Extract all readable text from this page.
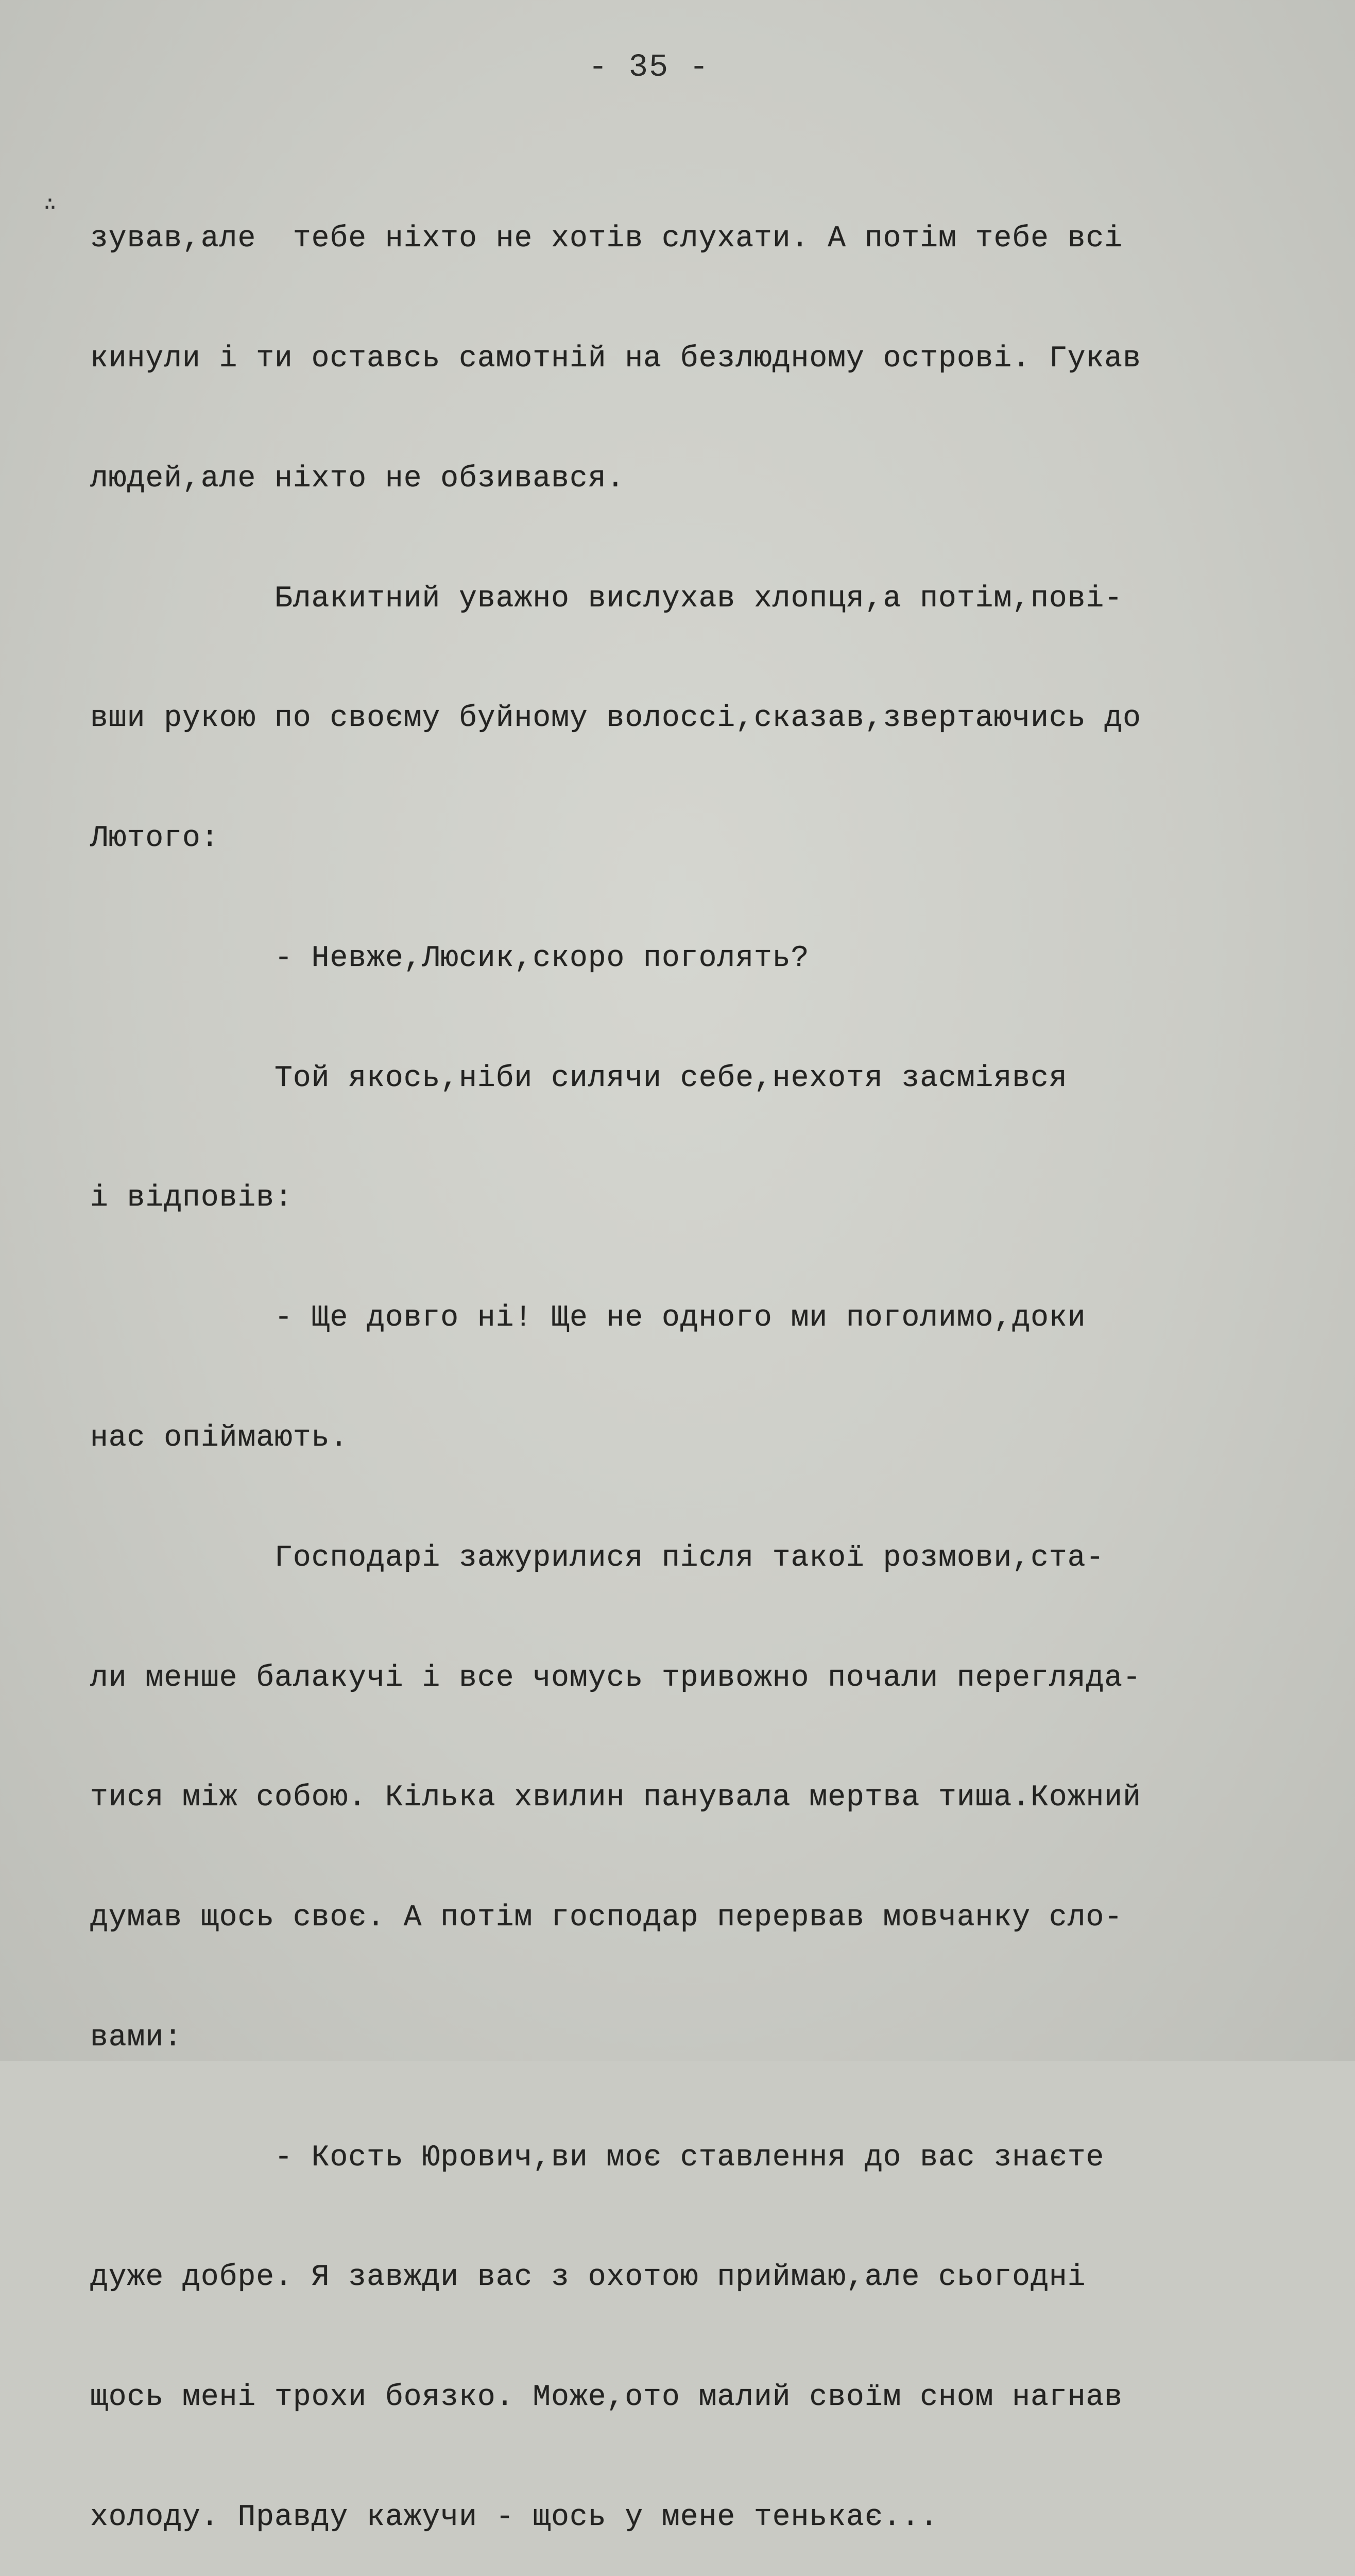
- 35 -
∴

зував,але  тебе ніхто не хотів слухати. А потім тебе всі

кинули і ти оставсь самотній на безлюдному острові. Гукав

людей,але ніхто не обзивався.

Блакитний уважно вислухав хлопця,а потім,пові-

вши рукою по своєму буйному волоссі,сказав,звертаючись до

Лютого:

- Невже,Люсик,скоро поголять?

Той якось,ніби силячи себе,нехотя засміявся

і відповів:

- Ще довго ні! Ще не одного ми поголимо,доки

нас опіймають.

Господарі зажурилися після такої розмови,ста-

ли менше балакучі і все чомусь тривожно почали перегляда-

тися між собою. Кілька хвилин панувала мертва тиша.Кожний

думав щось своє. А потім господар перервав мовчанку сло-

вами:

- Кость Юрович,ви моє ставлення до вас знаєте

дуже добре. Я завжди вас з охотою приймаю,але сьогодні

щось мені трохи боязко. Може,ото малий своїм сном нагнав

холоду. Правду кажучи - щось у мене тенькає...
